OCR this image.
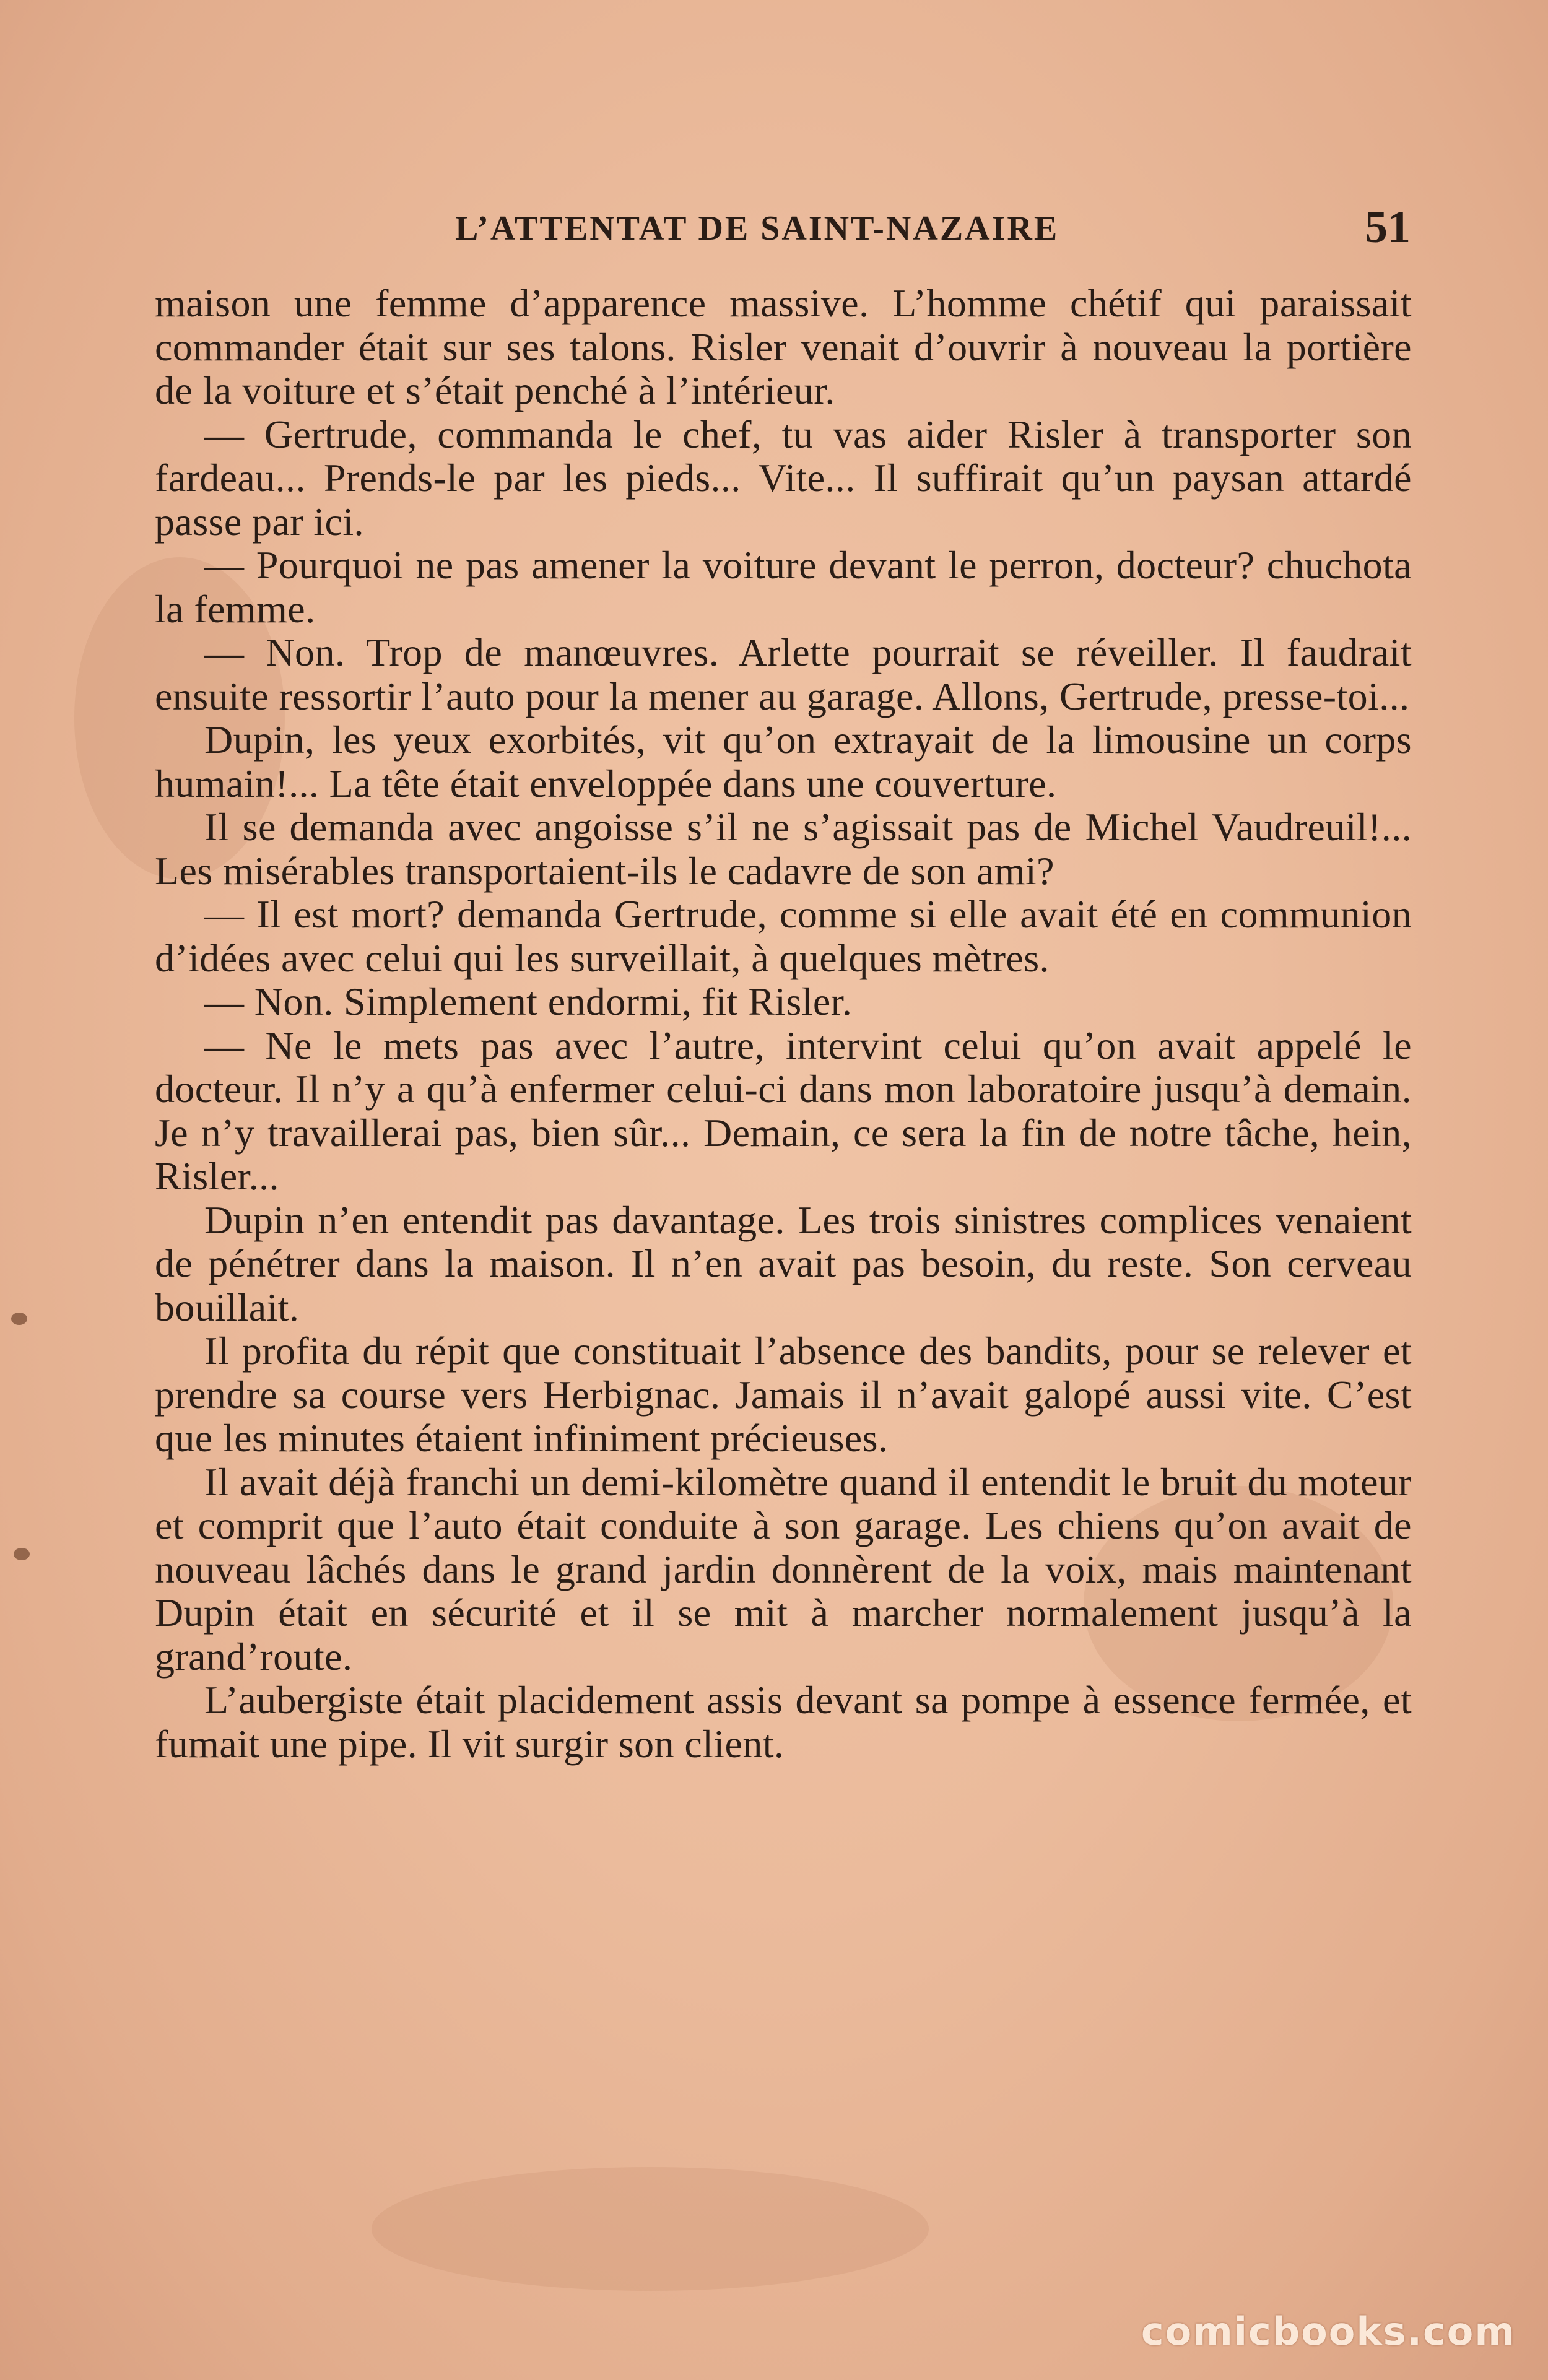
L’ATTENTAT DE SAINT-NAZAIRE	51

maison une femme d’apparence massive. L’homme chétif qui paraissait commander était sur ses talons. Risler venait d’ouvrir à nouveau la portière de la voiture et s’était penché à l’intérieur.

— Gertrude, commanda le chef, tu vas aider Risler à transporter son fardeau... Prends-le par les pieds... Vite... Il suffirait qu’un paysan attardé passe par ici.

— Pourquoi ne pas amener la voiture devant le perron, docteur? chuchota la femme.

— Non. Trop de manœuvres. Arlette pourrait se réveiller. Il faudrait ensuite ressortir l’auto pour la mener au garage. Allons, Gertrude, presse-toi...

Dupin, les yeux exorbités, vit qu’on extrayait de la limousine un corps humain!... La tête était enveloppée dans une couverture.

Il se demanda avec angoisse s’il ne s’agissait pas de Michel Vaudreuil!... Les misérables transportaient-ils le cadavre de son ami?

— Il est mort? demanda Gertrude, comme si elle avait été en communion d’idées avec celui qui les surveillait, à quelques mètres.

— Non. Simplement endormi, fit Risler.

— Ne le mets pas avec l’autre, intervint celui qu’on avait appelé le docteur. Il n’y a qu’à enfermer celui-ci dans mon laboratoire jusqu’à demain. Je n’y travaillerai pas, bien sûr... Demain, ce sera la fin de notre tâche, hein, Risler...

Dupin n’en entendit pas davantage. Les trois sinistres complices venaient de pénétrer dans la maison. Il n’en avait pas besoin, du reste. Son cerveau bouillait.

Il profita du répit que constituait l’absence des bandits, pour se relever et prendre sa course vers Herbignac. Jamais il n’avait galopé aussi vite. C’est que les minutes étaient infiniment précieuses.

Il avait déjà franchi un demi-kilomètre quand il entendit le bruit du moteur et comprit que l’auto était conduite à son garage. Les chiens qu’on avait de nouveau lâchés dans le grand jardin donnèrent de la voix, mais maintenant Dupin était en sécurité et il se mit à marcher normalement jusqu’à la grand’route.

L’aubergiste était placidement assis devant sa pompe à essence fermée, et fumait une pipe. Il vit surgir son client.

comicbooks.com
